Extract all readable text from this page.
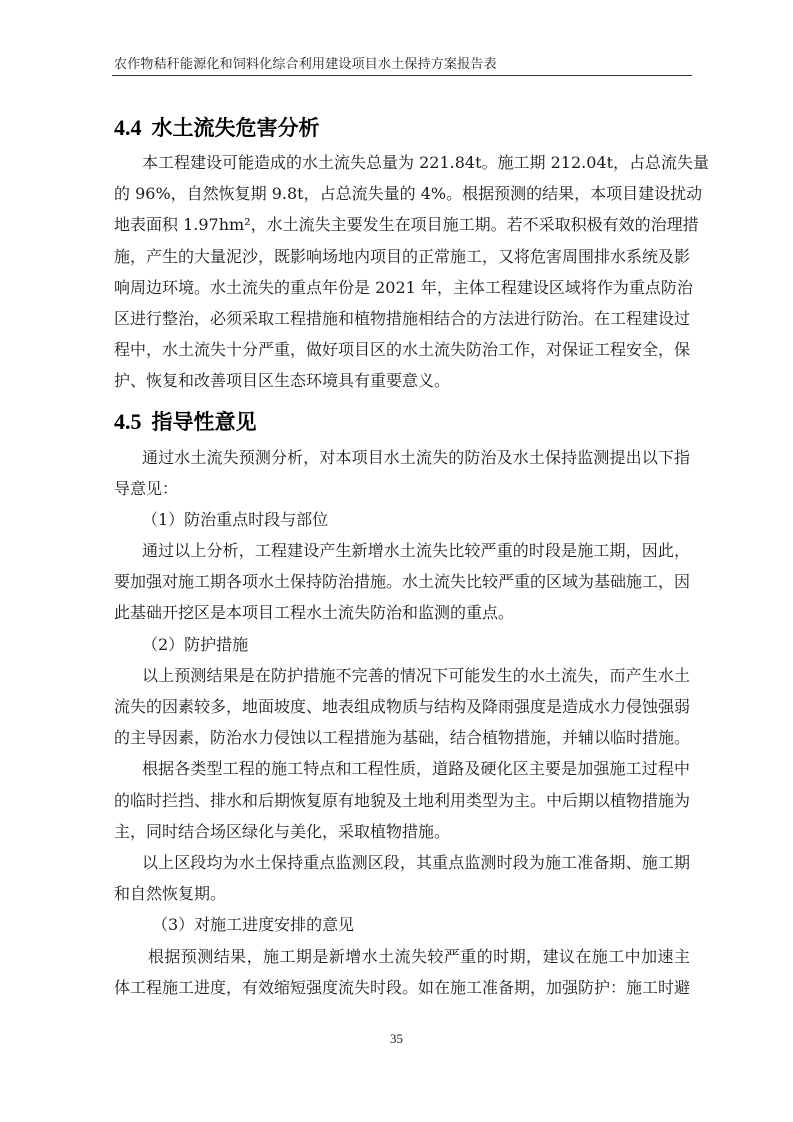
农作物秸秆能源化和饲料化综合利用建设项目水土保持方案报告表
4.4 水土流失危害分析
本工程建设可能造成的水土流失总量为 221.84t。施工期 212.04t，占总流失量
的 96%，自然恢复期 9.8t，占总流失量的 4%。根据预测的结果，本项目建设扰动
地表面积 1.97hm²，水土流失主要发生在项目施工期。若不采取积极有效的治理措
施，产生的大量泥沙，既影响场地内项目的正常施工，又将危害周围排水系统及影
响周边环境。水土流失的重点年份是 2021 年，主体工程建设区域将作为重点防治
区进行整治，必须采取工程措施和植物措施相结合的方法进行防治。在工程建设过
程中，水土流失十分严重，做好项目区的水土流失防治工作，对保证工程安全，保
护、恢复和改善项目区生态环境具有重要意义。
4.5 指导性意见
通过水土流失预测分析，对本项目水土流失的防治及水土保持监测提出以下指
导意见：
（1）防治重点时段与部位
通过以上分析，工程建设产生新增水土流失比较严重的时段是施工期，因此，
要加强对施工期各项水土保持防治措施。水土流失比较严重的区域为基础施工，因
此基础开挖区是本项目工程水土流失防治和监测的重点。
（2）防护措施
以上预测结果是在防护措施不完善的情况下可能发生的水土流失，而产生水土
流失的因素较多，地面坡度、地表组成物质与结构及降雨强度是造成水力侵蚀强弱
的主导因素，防治水力侵蚀以工程措施为基础，结合植物措施，并辅以临时措施。
根据各类型工程的施工特点和工程性质，道路及硬化区主要是加强施工过程中
的临时拦挡、排水和后期恢复原有地貌及土地利用类型为主。中后期以植物措施为
主，同时结合场区绿化与美化，采取植物措施。
以上区段均为水土保持重点监测区段，其重点监测时段为施工准备期、施工期
和自然恢复期。
（3）对施工进度安排的意见
根据预测结果，施工期是新增水土流失较严重的时期，建议在施工中加速主
体工程施工进度，有效缩短强度流失时段。如在施工准备期，加强防护：施工时避
35
